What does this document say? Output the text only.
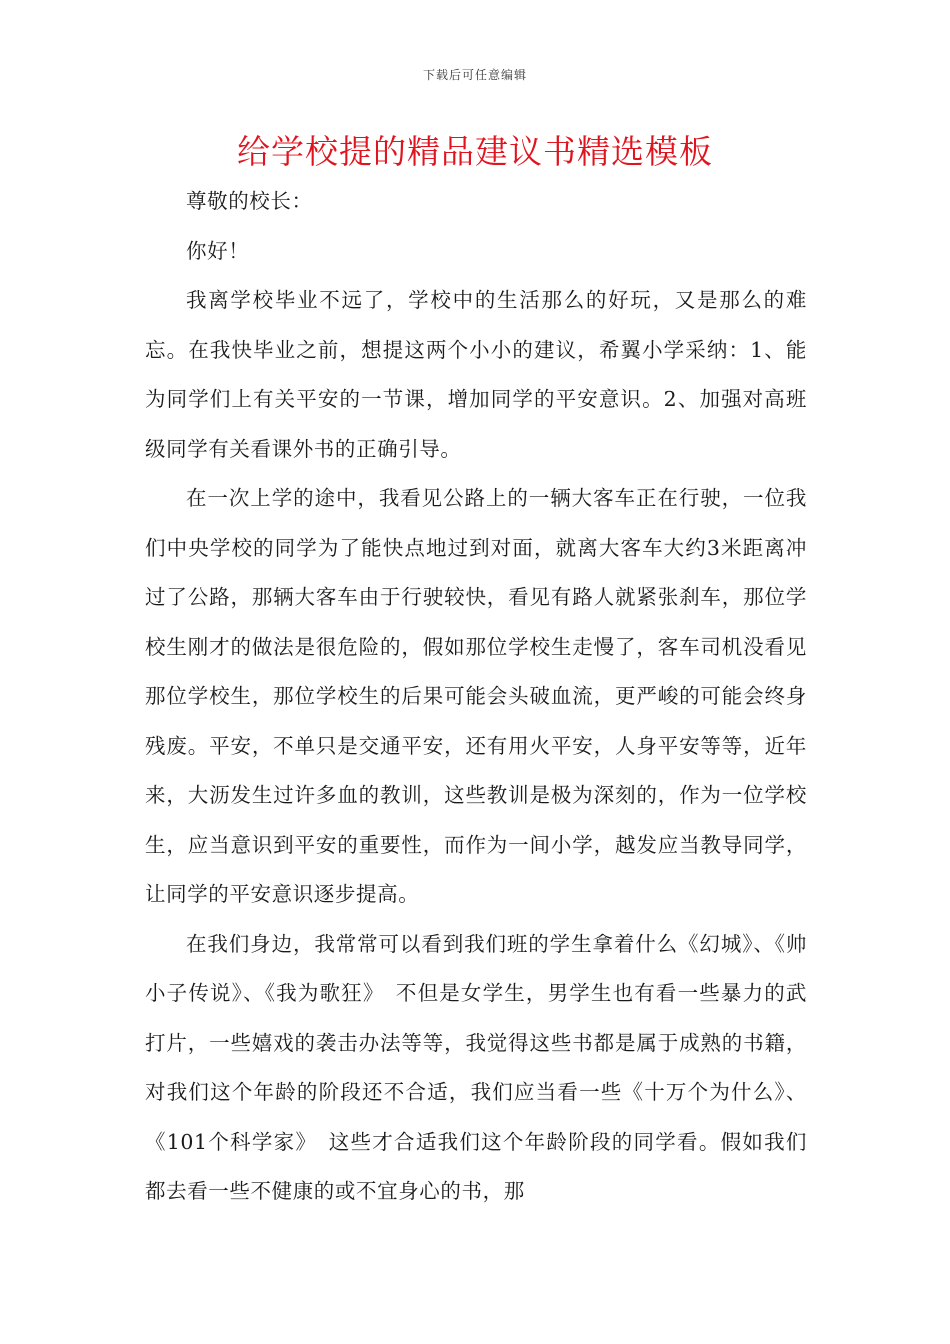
下载后可任意编辑
给学校提的精品建议书精选模板

尊敬的校长：

你好！

我离学校毕业不远了，学校中的生活那么的好玩，又是那么的难忘。在我快毕业之前，想提这两个小小的建议，希翼小学采纳：1、能为同学们上有关平安的一节课，增加同学的平安意识。2、加强对高班级同学有关看课外书的正确引导。

在一次上学的途中，我看见公路上的一辆大客车正在行驶，一位我们中央学校的同学为了能快点地过到对面，就离大客车大约3米距离冲过了公路，那辆大客车由于行驶较快，看见有路人就紧张刹车，那位学校生刚才的做法是很危险的，假如那位学校生走慢了，客车司机没看见那位学校生，那位学校生的后果可能会头破血流，更严峻的可能会终身残废。平安，不单只是交通平安，还有用火平安，人身平安等等，近年来，大沥发生过许多血的教训，这些教训是极为深刻的，作为一位学校生，应当意识到平安的重要性，而作为一间小学，越发应当教导同学，让同学的平安意识逐步提高。

在我们身边，我常常可以看到我们班的学生拿着什么《幻城》、《帅小子传说》、《我为歌狂》　不但是女学生，男学生也有看一些暴力的武打片，一些嬉戏的袭击办法等等，我觉得这些书都是属于成熟的书籍，对我们这个年龄的阶段还不合适，我们应当看一些《十万个为什么》、《101个科学家》　这些才合适我们这个年龄阶段的同学看。假如我们都去看一些不健康的或不宜身心的书，那
